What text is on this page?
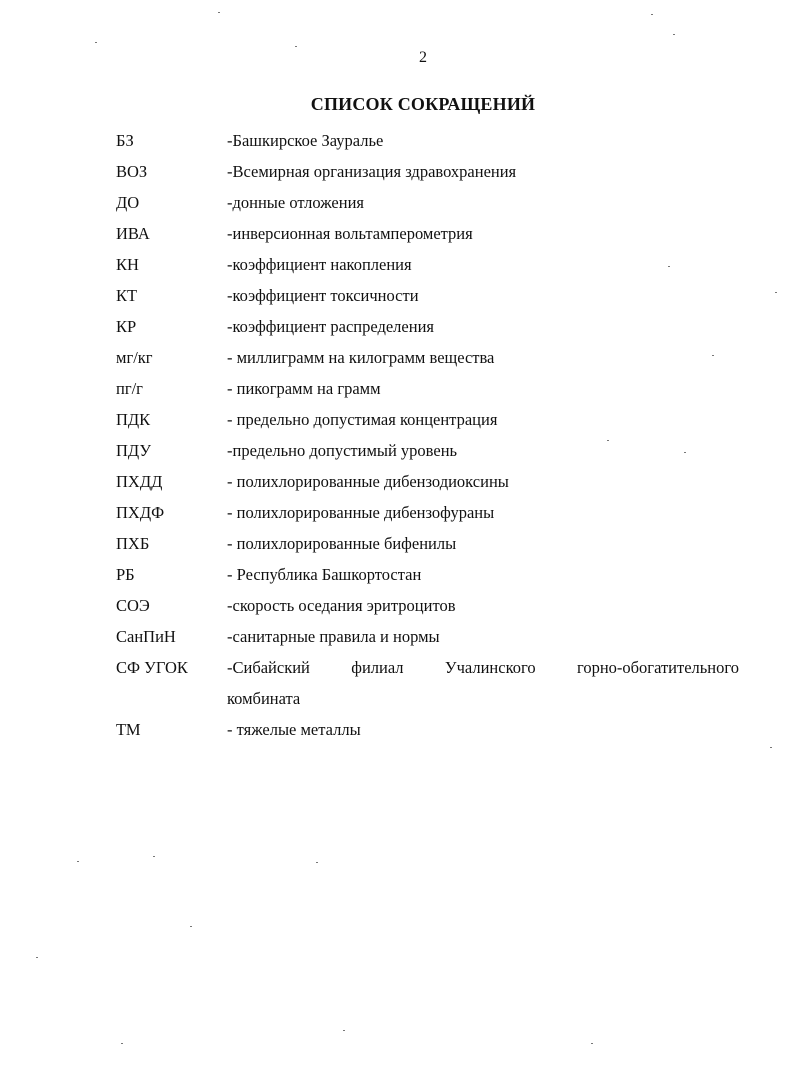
2
СПИСОК СОКРАЩЕНИЙ
БЗ	-Башкирское Зауралье
ВОЗ	-Всемирная организация здравохранения
ДО	-донные отложения
ИВА	-инверсионная вольтамперометрия
КН	-коэффициент накопления
КТ	-коэффициент токсичности
КР	-коэффициент распределения
мг/кг	- миллиграмм на килограмм вещества
пг/г	- пикограмм на грамм
ПДК	- предельно допустимая концентрация
ПДУ	-предельно допустимый уровень
ПХДД	- полихлорированные дибензодиоксины
ПХДФ	- полихлорированные дибензофураны
ПХБ	- полихлорированные бифенилы
РБ	- Республика Башкортостан
СОЭ	-скорость оседания эритроцитов
СанПиН	-санитарные правила и нормы
СФ УГОК -Сибайский филиал Учалинского горно-обогатительного
комбината
ТМ	- тяжелые металлы
